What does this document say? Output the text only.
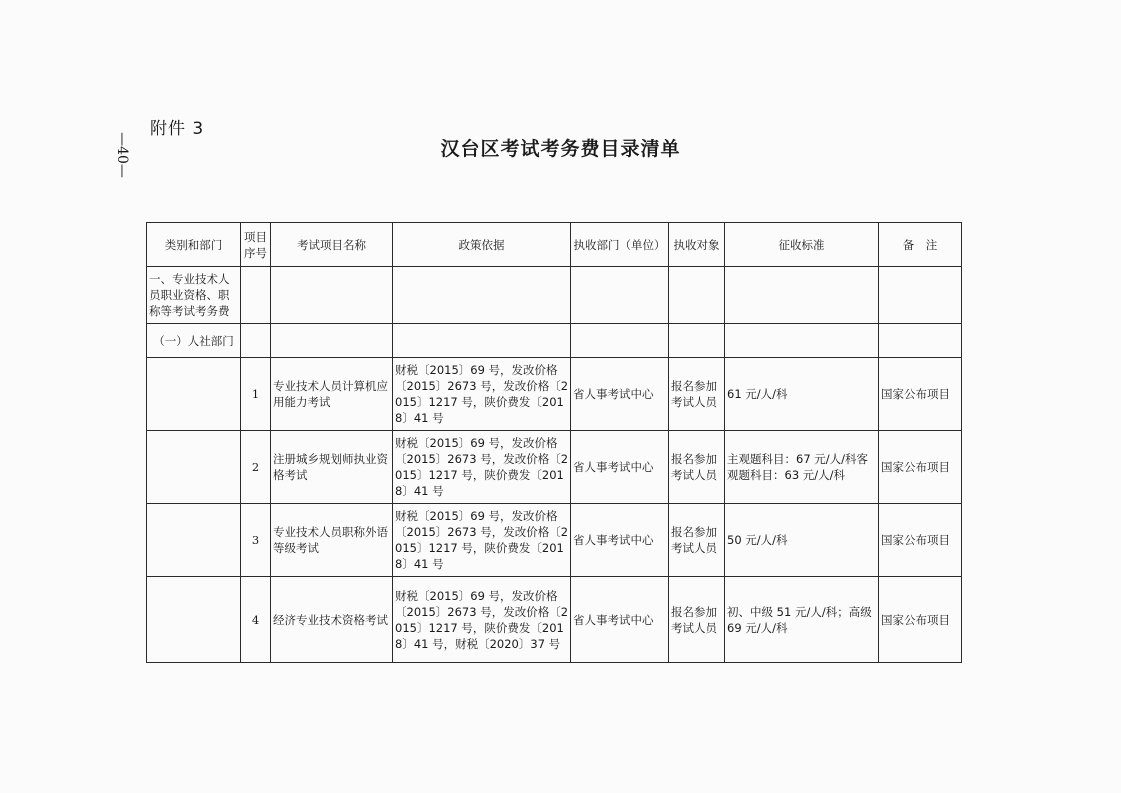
—40—
附件 3
汉台区考试考务费目录清单
类别和部门	项目序号	考试项目名称	政策依据	执收部门（单位）	执收对象	征收标准	备　注
一、专业技术人员职业资格、职称等考试考务费							
（一）人社部门							
	1	专业技术人员计算机应用能力考试	财税〔2015〕69 号，发改价格〔2015〕2673 号，发改价格〔2015〕1217 号，陕价费发〔2018〕41 号	省人事考试中心	报名参加考试人员	61 元/人/科	国家公布项目
	2	注册城乡规划师执业资格考试	财税〔2015〕69 号，发改价格〔2015〕2673 号，发改价格〔2015〕1217 号，陕价费发〔2018〕41 号	省人事考试中心	报名参加考试人员	主观题科目：67 元/人/科客观题科目：63 元/人/科	国家公布项目
	3	专业技术人员职称外语等级考试	财税〔2015〕69 号，发改价格〔2015〕2673 号，发改价格〔2015〕1217 号，陕价费发〔2018〕41 号	省人事考试中心	报名参加考试人员	50 元/人/科	国家公布项目
	4	经济专业技术资格考试	财税〔2015〕69 号，发改价格〔2015〕2673 号，发改价格〔2015〕1217 号，陕价费发〔2018〕41 号，财税〔2020〕37 号	省人事考试中心	报名参加考试人员	初、中级 51 元/人/科；高级 69 元/人/科	国家公布项目
